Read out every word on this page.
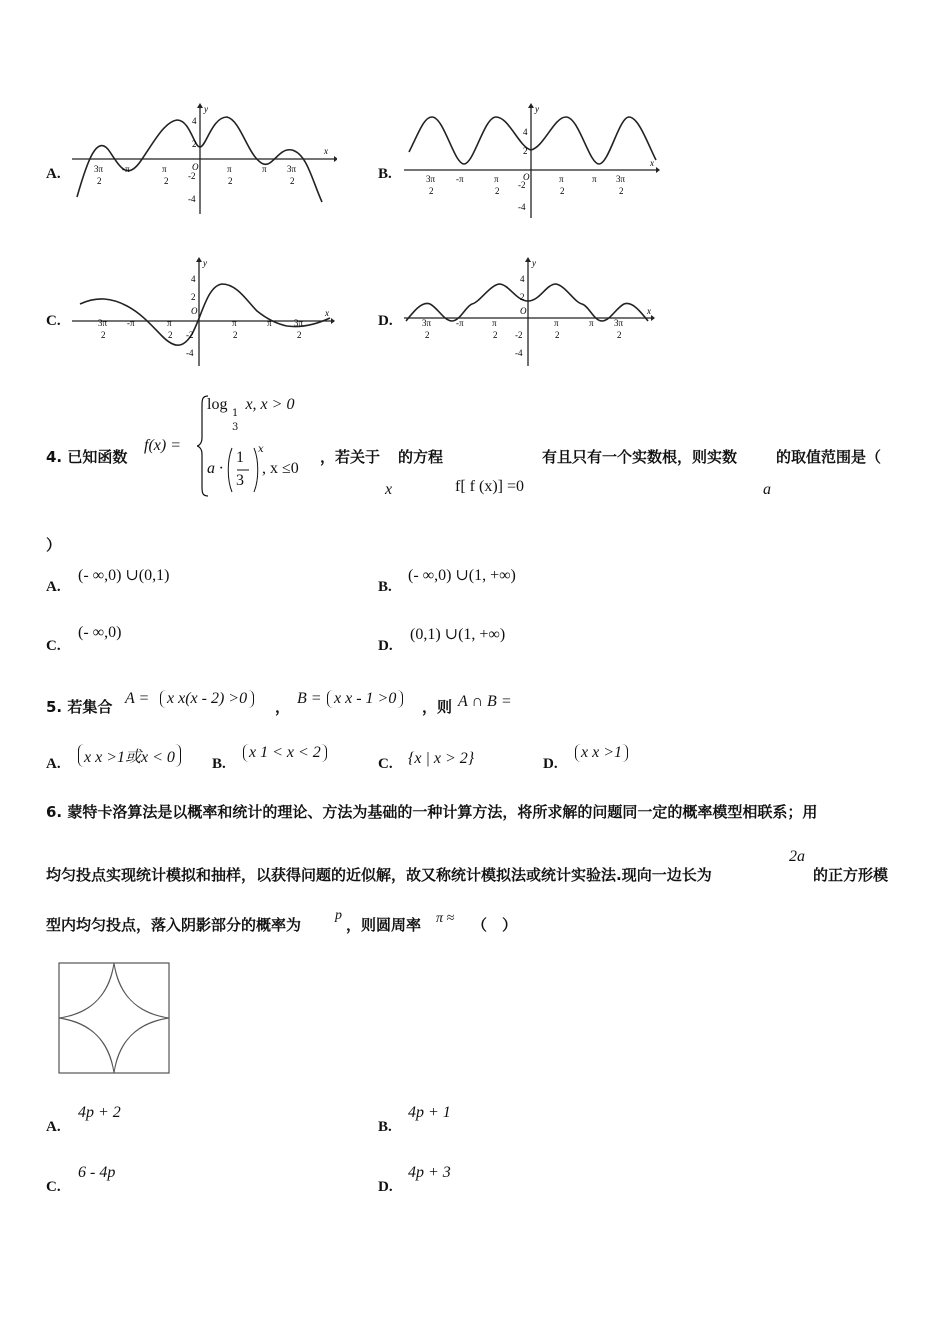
A.
y
x
4
2
-2
-4
O
3π
2
-π	π
2
π
2
π 3π
2	B.
y
x
4
2
-2
-4
O
3π
2
-π	π
2
π
2
π 3π
2
C.
y
x
4
2
-2
-4
O
3π
2
-π	π
2
π
2
π 3π
2
D.
y
x
4
2
-2
-4
O
3π
2
-π	π
2
π
2
π 3π
2
4. 已知函数
f(x) =
log x, x > 0
1
3
a ·
1
3
x
, x ≤0
，若关于 的方程	有且只有一个实数根，则实数	的取值范围是（
x	f[ f (x)] =0	a
）
A.
(- ∞,0) ∪(0,1)
B.
(- ∞,0) ∪(1, +∞)
C.
(- ∞,0)
D.
(0,1) ∪(1, +∞)
5. 若集合 A =	x x(x - 2) >0	， B = x x - 1 >0	，则 A ∩ B =
A.	x x >1或x < 0	B.
x 1 < x < 2
C. {x | x > 2}	D.
x x >1
6. 蒙特卡洛算法是以概率和统计的理论、方法为基础的一种计算方法，将所求解的问题同一定的概率模型相联系；用
均匀投点实现统计模拟和抽样，以获得问题的近似解，故又称统计模拟法或统计实验法.现向一边长为
2a
的正方形模
型内均匀投点，落入阴影部分的概率为
p
，则圆周率 π ≈ （　）
A.
4p + 2
B.
4p + 1
C.
6 - 4p
D.
4p + 3
